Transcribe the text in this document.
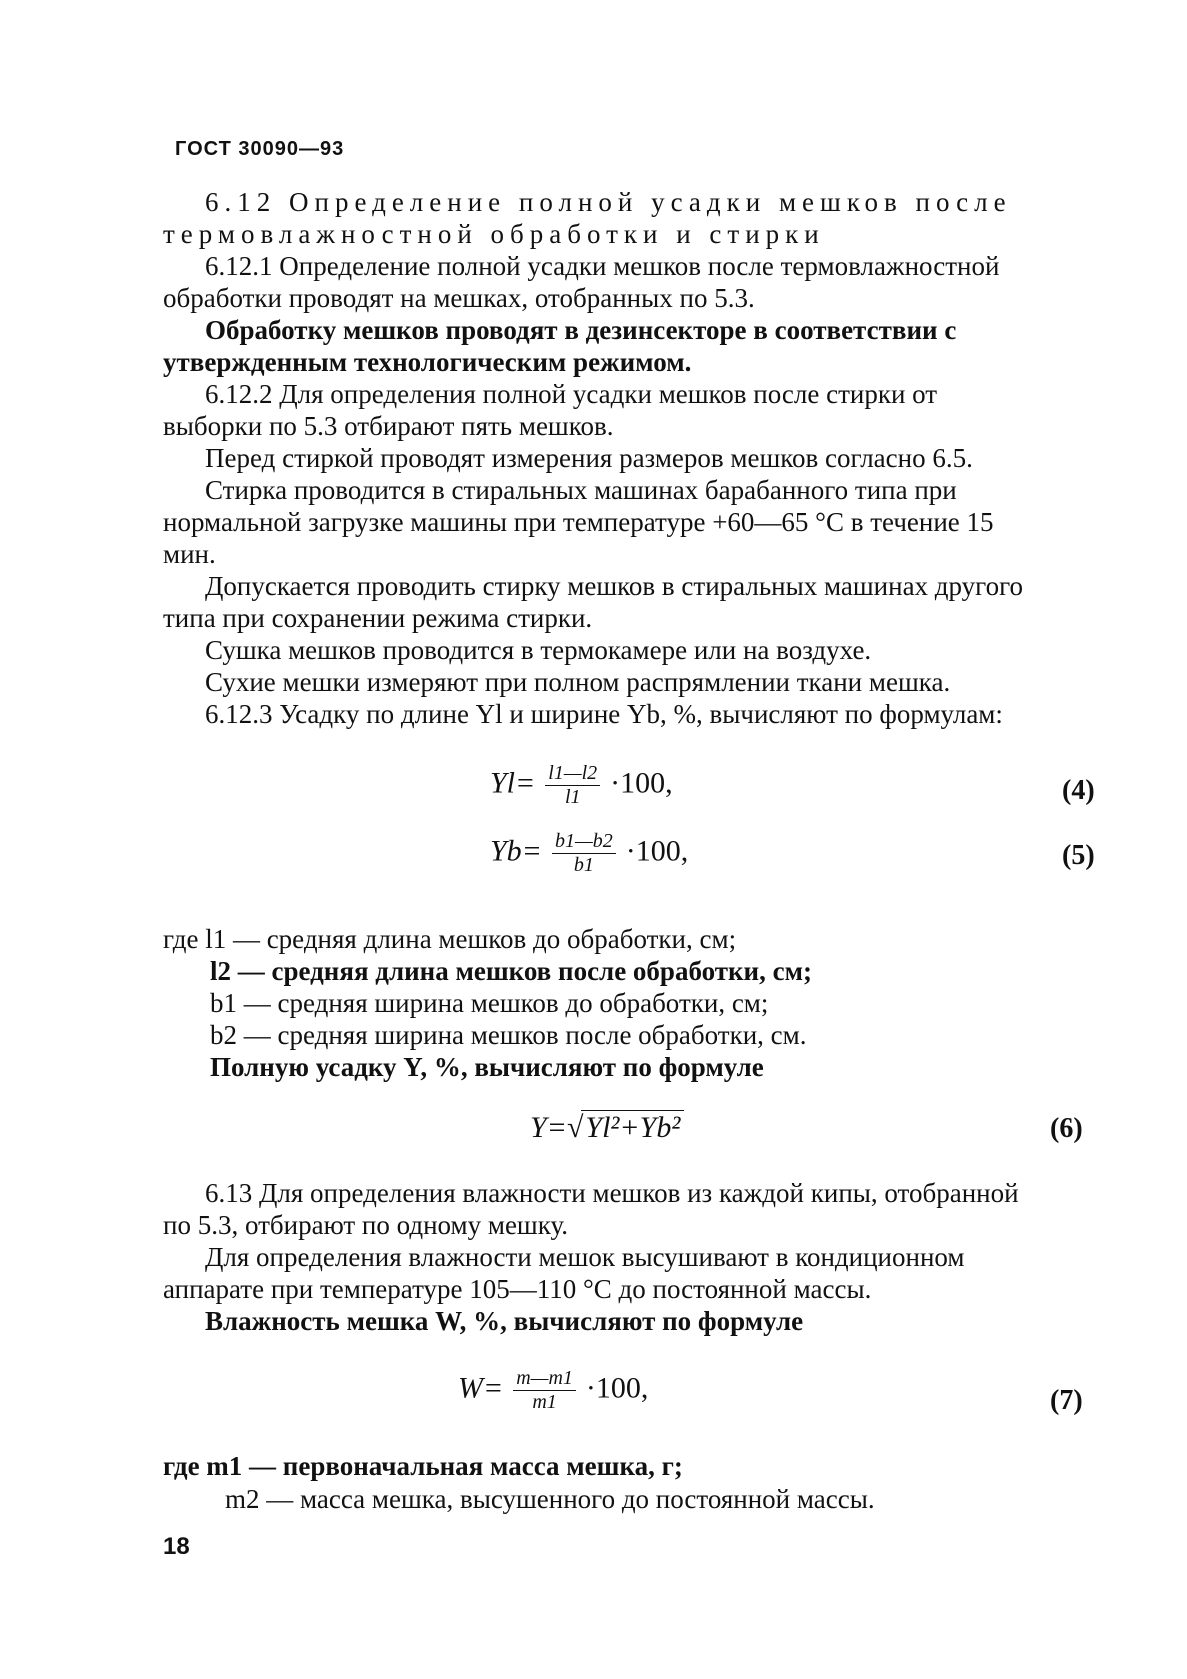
ГОСТ 30090—93

6.12 Определение полной усадки мешков после термовлажностной обработки и стирки

6.12.1 Определение полной усадки мешков после термовлажностной обработки проводят на мешках, отобранных по 5.3.

Обработку мешков проводят в дезинсекторе в соответствии с утвержденным технологическим режимом.

6.12.2 Для определения полной усадки мешков после стирки от выборки по 5.3 отбирают пять мешков.

Перед стиркой проводят измерения размеров мешков согласно 6.5.

Стирка проводится в стиральных машинах барабанного типа при нормальной загрузке машины при температуре +60—65 °С в течение 15 мин.

Допускается проводить стирку мешков в стиральных машинах другого типа при сохранении режима стирки.

Сушка мешков проводится в термокамере или на воздухе.

Сухие мешки измеряют при полном распрямлении ткани мешка.

6.12.3 Усадку по длине Yl и ширине Yb, %, вычисляют по формулам:

$Yl= \frac{l1—l2}{l1} \cdot 100$,	(4)
$Yb= \frac{b1—b2}{b1} \cdot 100$,	(5)
где l1 — средняя длина мешков до обработки, см;
l2 — средняя длина мешков после обработки, см;
b1 — средняя ширина мешков до обработки, см;
b2 — средняя ширина мешков после обработки, см.
Полную усадку Y, %, вычисляют по формуле
Y=√Yl²+Yb²	(6)

6.13 Для определения влажности мешков из каждой кипы, отобранной по 5.3, отбирают по одному мешку.

Для определения влажности мешок высушивают в кондиционном аппарате при температуре 105—110 °С до постоянной массы.

Влажность мешка W, %, вычисляют по формуле

$W= \frac{m—m1}{m1} \cdot 100$,	(7)
где m1 — первоначальная масса мешка, г;
m2 — масса мешка, высушенного до постоянной массы.
18
